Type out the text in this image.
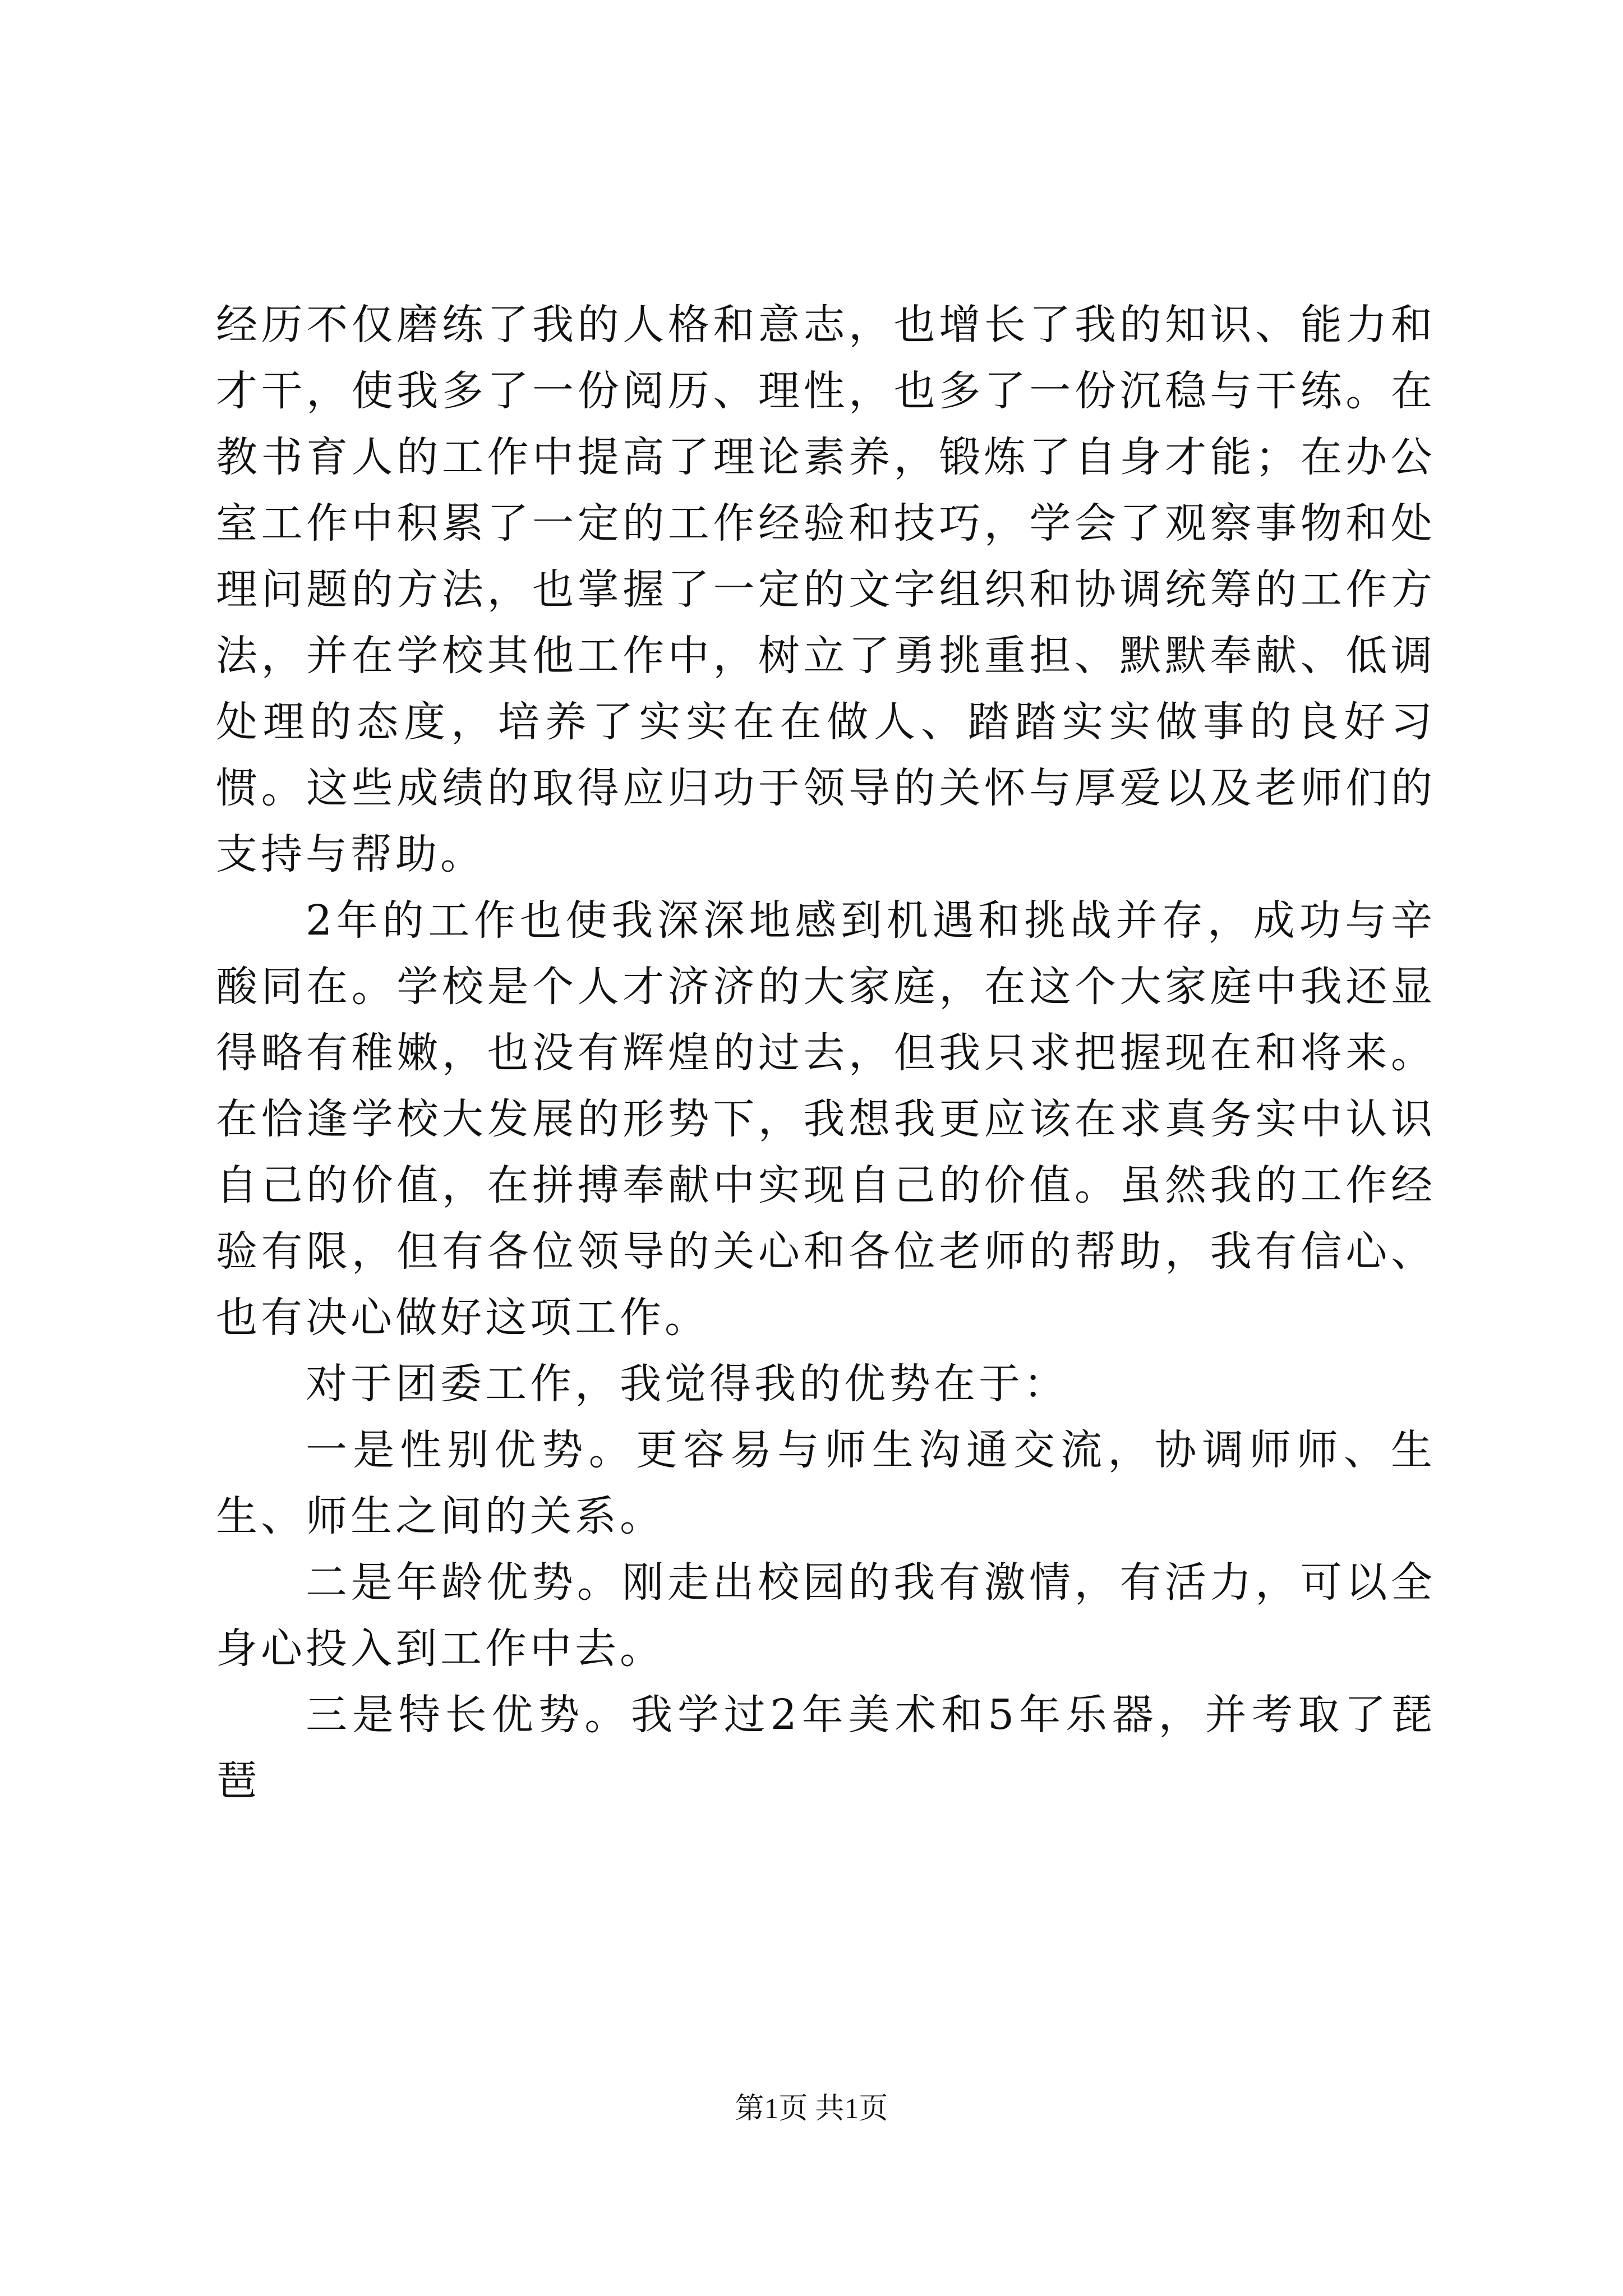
经历不仅磨练了我的人格和意志，也增长了我的知识、能力和才干，使我多了一份阅历、理性，也多了一份沉稳与干练。在教书育人的工作中提高了理论素养，锻炼了自身才能；在办公室工作中积累了一定的工作经验和技巧，学会了观察事物和处理问题的方法，也掌握了一定的文字组织和协调统筹的工作方法，并在学校其他工作中，树立了勇挑重担、默默奉献、低调处理的态度，培养了实实在在做人、踏踏实实做事的良好习惯。这些成绩的取得应归功于领导的关怀与厚爱以及老师们的支持与帮助。

2年的工作也使我深深地感到机遇和挑战并存，成功与辛酸同在。学校是个人才济济的大家庭，在这个大家庭中我还显得略有稚嫩，也没有辉煌的过去，但我只求把握现在和将来。在恰逢学校大发展的形势下，我想我更应该在求真务实中认识自己的价值，在拼搏奉献中实现自己的价值。虽然我的工作经验有限，但有各位领导的关心和各位老师的帮助，我有信心、也有决心做好这项工作。

对于团委工作，我觉得我的优势在于：

一是性别优势。更容易与师生沟通交流，协调师师、生生、师生之间的关系。

二是年龄优势。刚走出校园的我有激情，有活力，可以全身心投入到工作中去。

三是特长优势。我学过2年美术和5年乐器，并考取了琵琶

第1页 共1页
